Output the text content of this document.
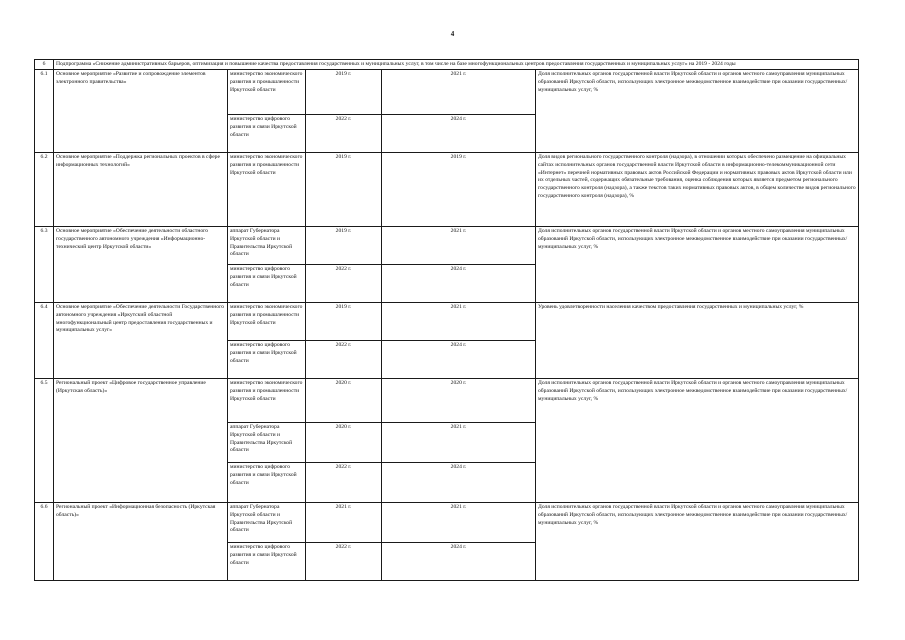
4
6	Подпрограмма «Снижение административных барьеров, оптимизация и повышение качества предоставления государственных и муниципальных услуг, в том числе на базе многофункциональных центров предоставления государственных и муниципальных услуг» на 2019 - 2024 годы				
6.1	Основное мероприятие «Развитие и сопровождение элементов электронного правительства»	министерство экономического развития и промышленности Иркутской области	2019 г.	2021 г.	Доля исполнительных органов государственной власти Иркутской области и органов местного самоуправления муниципальных образований Иркутской области, использующих электронное межведомственное взаимодействие при оказании государственных/муниципальных услуг, %
		министерство цифрового развития и связи Иркутской области	2022 г.	2024 г.	
6.2	Основное мероприятие «Поддержка региональных проектов в сфере информационных технологий»	министерство экономического развития и промышленности Иркутской области	2019 г.	2019 г.	Доля видов регионального государственного контроля (надзора), в отношении которых обеспечено размещение на официальных сайтах исполнительных органов государственной власти Иркутской области в информационно-телекоммуникационной сети «Интернет» перечней нормативных правовых актов Российской Федерации и нормативных правовых актов Иркутской области или их отдельных частей, содержащих обязательные требования, оценка соблюдения которых является предметом регионального государственного контроля (надзора), а также текстов таких нормативных правовых актов, в общем количестве видов регионального государственного контроля (надзора), %
6.3	Основное мероприятие «Обеспечение деятельности областного государственного автономного учреждения «Информационно-технический центр Иркутской области»	аппарат Губернатора Иркутской области и Правительства Иркутской области	2019 г.	2021 г.	Доля исполнительных органов государственной власти Иркутской области и органов местного самоуправления муниципальных образований Иркутской области, использующих электронное межведомственное взаимодействие при оказании государственных/муниципальных услуг, %
		министерство цифрового развития и связи Иркутской области	2022 г.	2024 г.	
6.4	Основное мероприятие «Обеспечение деятельности Государственного автономного учреждения «Иркутский областной многофункциональный центр предоставления государственных и муниципальных услуг»	министерство экономического развития и промышленности Иркутской области	2019 г.	2021 г.	Уровень удовлетворенности населения качеством предоставления государственных и муниципальных услуг, %
		министерство цифрового развития и связи Иркутской области	2022 г.	2024 г.	
6.5	Региональный проект «Цифровое государственное управление (Иркутская область)»	министерство экономического развития и промышленности Иркутской области	2020 г.	2020 г.	Доля исполнительных органов государственной власти Иркутской области и органов местного самоуправления муниципальных образований Иркутской области, использующих электронное межведомственное взаимодействие при оказании государственных/муниципальных услуг, %
		аппарат Губернатора Иркутской области и Правительства Иркутской области	2020 г.	2021 г.	
		министерство цифрового развития и связи Иркутской области	2022 г.	2024 г.	
6.6	Региональный проект «Информационная безопасность (Иркутская область)»	аппарат Губернатора Иркутской области и Правительства Иркутской области	2021 г.	2021 г.	Доля исполнительных органов государственной власти Иркутской области и органов местного самоуправления муниципальных образований Иркутской области, использующих электронное межведомственное взаимодействие при оказании государственных/муниципальных услуг, %
		министерство цифрового развития и связи Иркутской области	2022 г.	2024 г.	
